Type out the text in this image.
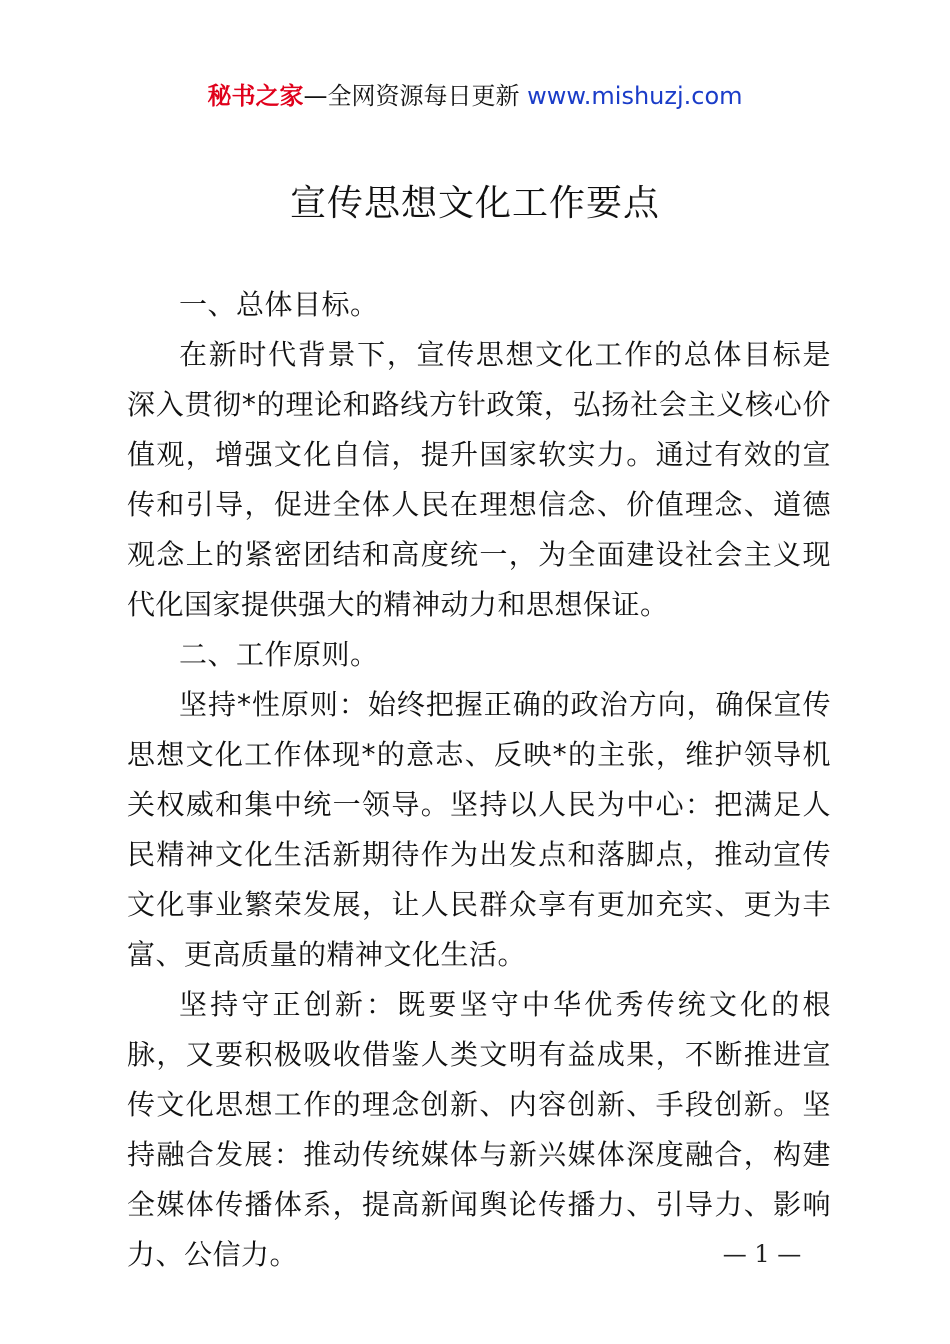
秘书之家—全网资源每日更新 www.mishuzj.com
宣传思想文化工作要点

一、总体目标。

在新时代背景下，宣传思想文化工作的总体目标是深入贯彻*的理论和路线方针政策，弘扬社会主义核心价值观，增强文化自信，提升国家软实力。通过有效的宣传和引导，促进全体人民在理想信念、价值理念、道德观念上的紧密团结和高度统一，为全面建设社会主义现代化国家提供强大的精神动力和思想保证。

二、工作原则。

坚持*性原则：始终把握正确的政治方向，确保宣传思想文化工作体现*的意志、反映*的主张，维护领导机关权威和集中统一领导。坚持以人民为中心：把满足人民精神文化生活新期待作为出发点和落脚点，推动宣传文化事业繁荣发展，让人民群众享有更加充实、更为丰富、更高质量的精神文化生活。

坚持守正创新：既要坚守中华优秀传统文化的根脉，又要积极吸收借鉴人类文明有益成果，不断推进宣传文化思想工作的理念创新、内容创新、手段创新。坚持融合发展：推动传统媒体与新兴媒体深度融合，构建全媒体传播体系，提高新闻舆论传播力、引导力、影响力、公信力。	— 1 —
